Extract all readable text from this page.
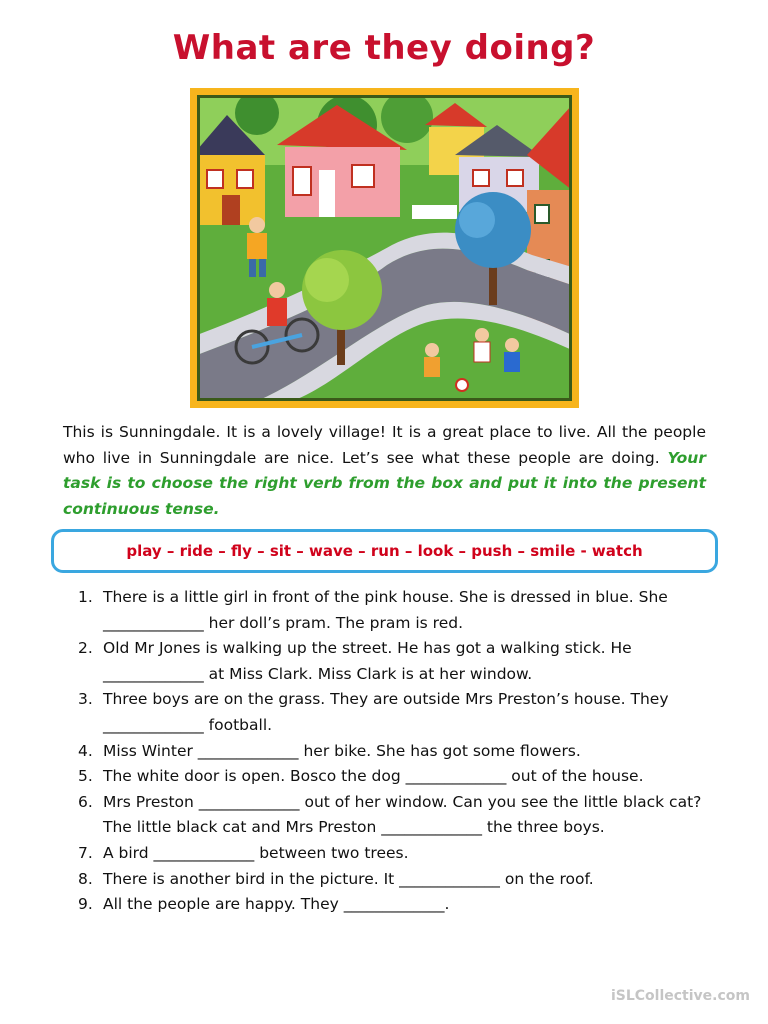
What are they doing?
This is Sunningdale. It is a lovely village! It is a great place to live. All the people who live in Sunningdale are nice. Let’s see what these people are doing. Your task is to choose the right verb from the box and put it into the present continuous tense.
play – ride – fly – sit – wave – run – look – push – smile - watch
1. There is a little girl in front of the pink house. She is dressed in blue. She _____________ her doll’s pram. The pram is red.
2. Old Mr Jones is walking up the street. He has got a walking stick. He _____________ at Miss Clark. Miss Clark is at her window.
3. Three boys are on the grass. They are outside Mrs Preston’s house. They _____________ football.
4. Miss Winter _____________ her bike. She has got some flowers.
5. The white door is open. Bosco the dog _____________ out of the house.
6. Mrs Preston _____________ out of her window. Can you see the little black cat? The little black cat and Mrs Preston _____________ the three boys.
7. A bird _____________ between two trees.
8. There is another bird in the picture. It _____________ on the roof.
9. All the people are happy. They _____________.
iSLCollective.com
